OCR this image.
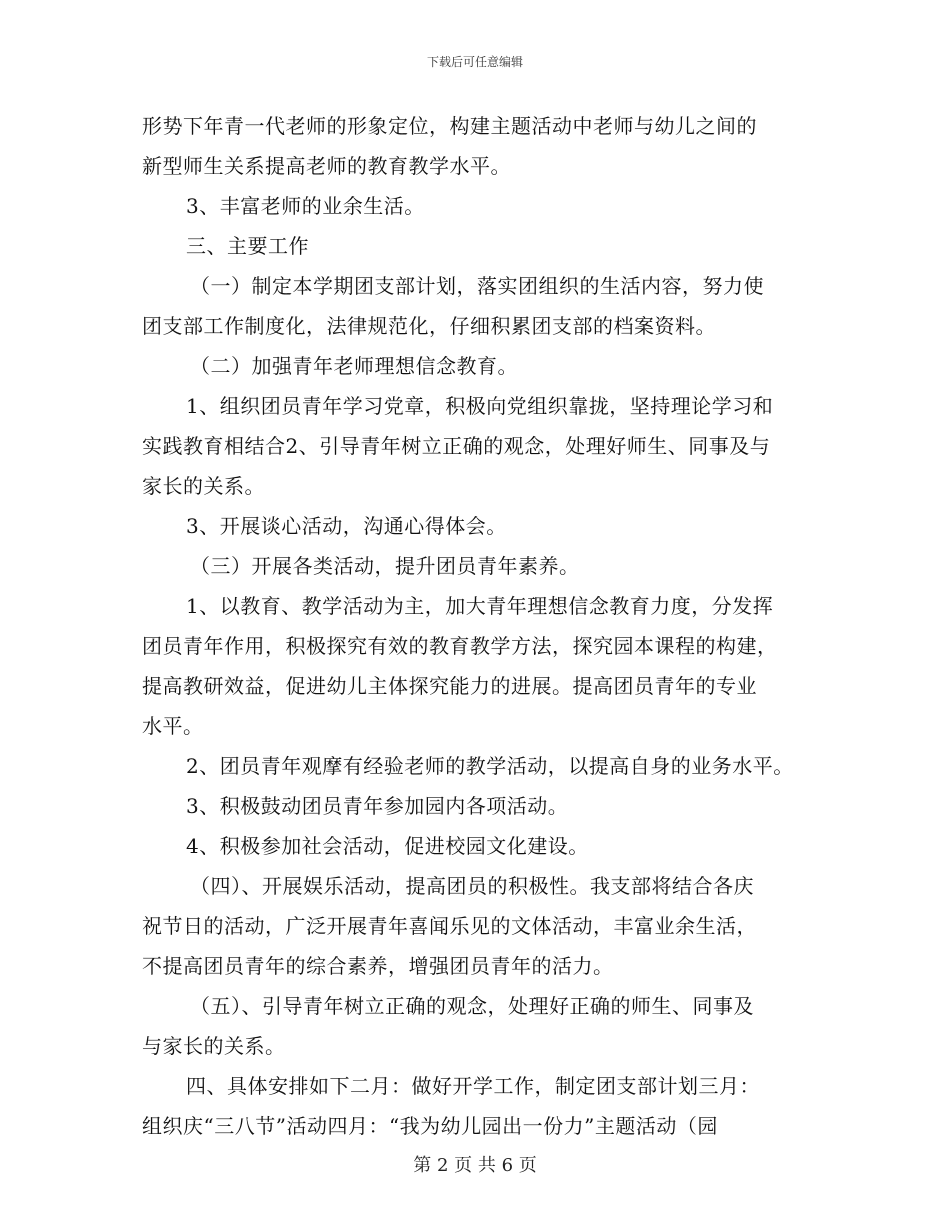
下载后可任意编辑
形势下年青一代老师的形象定位，构建主题活动中老师与幼儿之间的
新型师生关系提高老师的教育教学水平。
3、丰富老师的业余生活。
三、主要工作
（一）制定本学期团支部计划，落实团组织的生活内容，努力使
团支部工作制度化，法律规范化，仔细积累团支部的档案资料。
（二）加强青年老师理想信念教育。
1、组织团员青年学习党章，积极向党组织靠拢，坚持理论学习和
实践教育相结合2、引导青年树立正确的观念，处理好师生、同事及与
家长的关系。
3、开展谈心活动，沟通心得体会。
（三）开展各类活动，提升团员青年素养。
1、以教育、教学活动为主，加大青年理想信念教育力度，分发挥
团员青年作用，积极探究有效的教育教学方法，探究园本课程的构建，
提高教研效益，促进幼儿主体探究能力的进展。提高团员青年的专业
水平。
2、团员青年观摩有经验老师的教学活动，以提高自身的业务水平。
3、积极鼓动团员青年参加园内各项活动。
4、积极参加社会活动，促进校园文化建设。
（四）、开展娱乐活动，提高团员的积极性。我支部将结合各庆
祝节日的活动，广泛开展青年喜闻乐见的文体活动，丰富业余生活，
不提高团员青年的综合素养，增强团员青年的活力。
（五）、引导青年树立正确的观念，处理好正确的师生、同事及
与家长的关系。
四、具体安排如下二月：做好开学工作，制定团支部计划三月：
组织庆“三八节”活动四月：“我为幼儿园出一份力”主题活动（园
第 2 页 共 6 页
